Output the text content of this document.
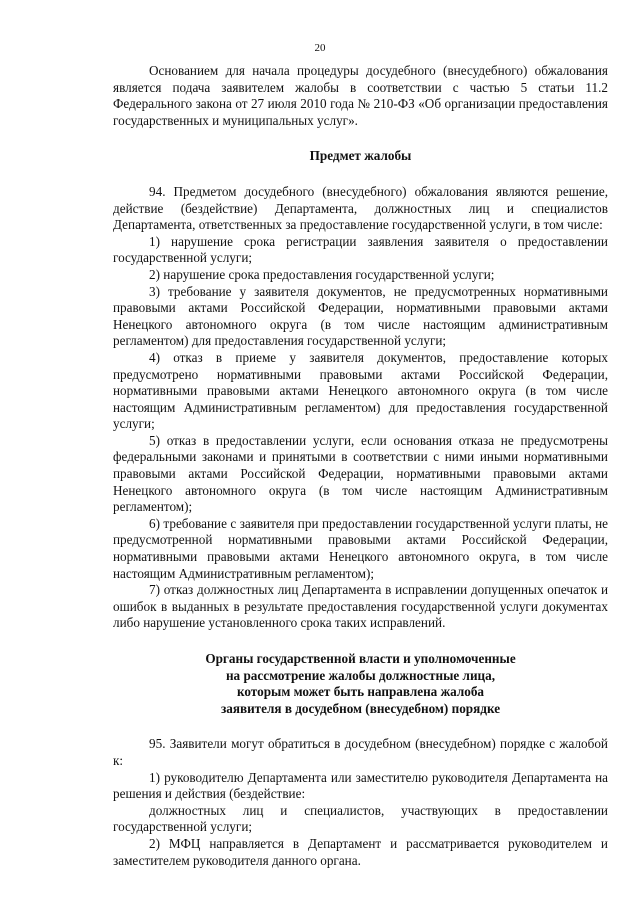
20

Основанием для начала процедуры досудебного (внесудебного) обжалования является подача заявителем жалобы в соответствии с частью 5 статьи 11.2 Федерального закона от 27 июля 2010 года № 210-ФЗ «Об организации предоставления государственных и муниципальных услуг».

Предмет жалобы

94. Предметом досудебного (внесудебного) обжалования являются решение, действие (бездействие) Департамента, должностных лиц и специалистов Департамента, ответственных за предоставление государственной услуги, в том числе:

1) нарушение срока регистрации заявления заявителя о предоставлении государственной услуги;

2) нарушение срока предоставления государственной услуги;

3) требование у заявителя документов, не предусмотренных нормативными правовыми актами Российской Федерации, нормативными правовыми актами Ненецкого автономного округа (в том числе настоящим административным регламентом) для предоставления государственной услуги;

4) отказ в приеме у заявителя документов, предоставление которых предусмотрено нормативными правовыми актами Российской Федерации, нормативными правовыми актами Ненецкого автономного округа (в том числе настоящим Административным регламентом) для предоставления государственной услуги;

5) отказ в предоставлении услуги, если основания отказа не предусмотрены федеральными законами и принятыми в соответствии с ними иными нормативными правовыми актами Российской Федерации, нормативными правовыми актами Ненецкого автономного округа (в том числе настоящим Административным регламентом);

6) требование с заявителя при предоставлении государственной услуги платы, не предусмотренной нормативными правовыми актами Российской Федерации, нормативными правовыми актами Ненецкого автономного округа, в том числе настоящим Административным регламентом);

7) отказ должностных лиц Департамента в исправлении допущенных опечаток и ошибок в выданных в результате предоставления государственной услуги документах либо нарушение установленного срока таких исправлений.

Органы государственной власти и уполномоченные
на рассмотрение жалобы должностные лица,
которым может быть направлена жалоба
заявителя в досудебном (внесудебном) порядке

95. Заявители могут обратиться в досудебном (внесудебном) порядке с жалобой к:

1) руководителю Департамента или заместителю руководителя Департамента на решения и действия (бездействие:

должностных лиц и специалистов, участвующих в предоставлении государственной услуги;

2) МФЦ направляется в Департамент и рассматривается руководителем и заместителем руководителя данного органа.
